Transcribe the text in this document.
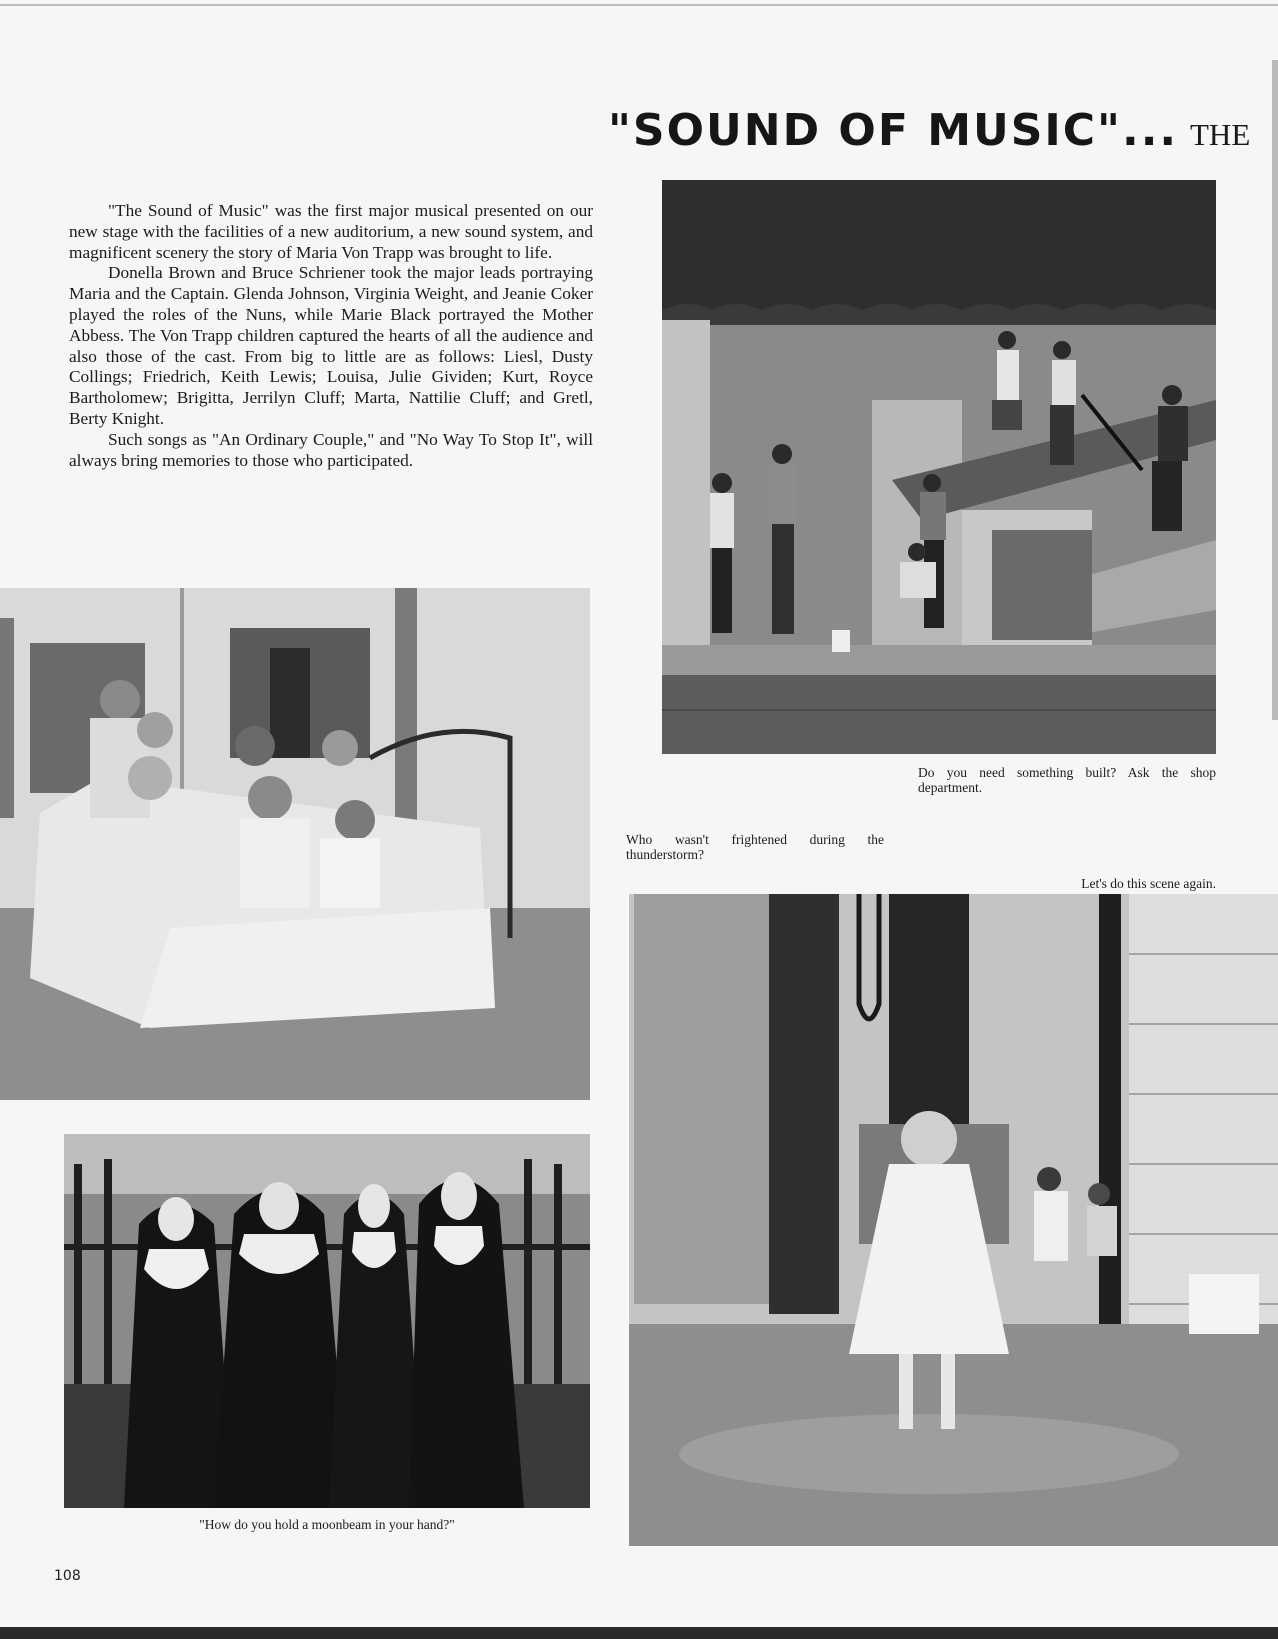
"SOUND OF MUSIC"... THE

"The Sound of Music" was the first major musical presented on our new stage with the facilities of a new auditorium, a new sound system, and magnificent scenery the story of Maria Von Trapp was brought to life.

Donella Brown and Bruce Schriener took the major leads portraying Maria and the Captain. Glenda Johnson, Virginia Weight, and Jeanie Coker played the roles of the Nuns, while Marie Black portrayed the Mother Abbess. The Von Trapp children captured the hearts of all the audience and also those of the cast. From big to little are as follows: Liesl, Dusty Collings; Friedrich, Keith Lewis; Louisa, Julie Gividen; Kurt, Royce Bartholomew; Brigitta, Jerrilyn Cluff; Marta, Nattilie Cluff; and Gretl, Berty Knight.

Such songs as "An Ordinary Couple," and "No Way To Stop It", will always bring memories to those who participated.

Do you need something built? Ask the shop department.
Who wasn't frightened during the thunderstorm?
Let's do this scene again.
"How do you hold a moonbeam in your hand?"
108
